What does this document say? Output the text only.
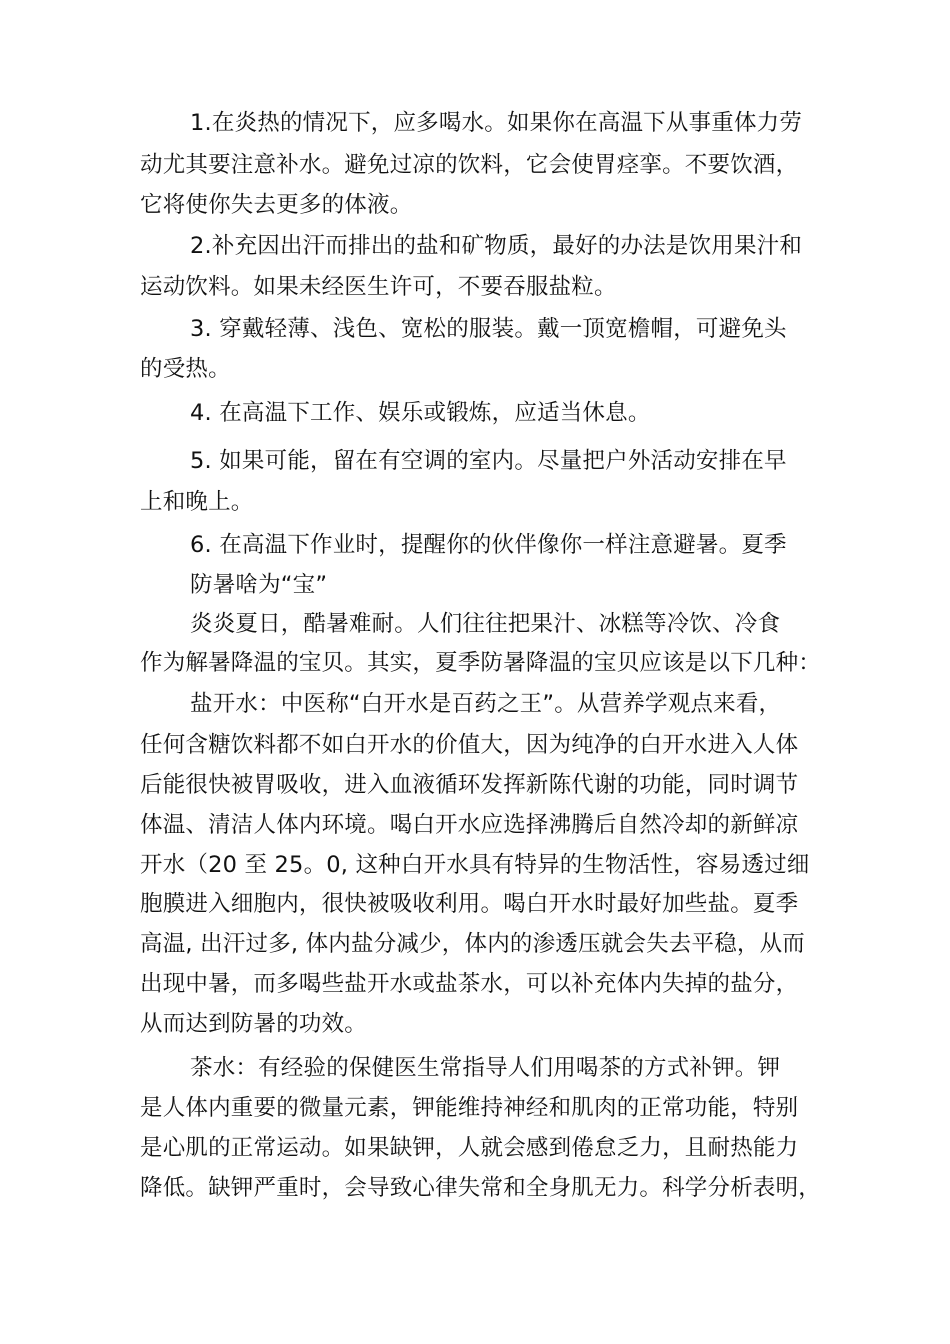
1.在炎热的情况下，应多喝水。如果你在高温下从事重体力劳

动尤其要注意补水。避免过凉的饮料，它会使胃痉挛。不要饮酒，

它将使你失去更多的体液。

2.补充因出汗而排出的盐和矿物质，最好的办法是饮用果汁和

运动饮料。如果未经医生许可，不要吞服盐粒。

3. 穿戴轻薄、浅色、宽松的服装。戴一顶宽檐帽，可避免头

的受热。

4. 在高温下工作、娱乐或锻炼，应适当休息。

5. 如果可能，留在有空调的室内。尽量把户外活动安排在早

上和晚上。

6. 在高温下作业时，提醒你的伙伴像你一样注意避暑。夏季

防暑啥为“宝”

炎炎夏日，酷暑难耐。人们往往把果汁、冰糕等冷饮、冷食

作为解暑降温的宝贝。其实，夏季防暑降温的宝贝应该是以下几种：

盐开水：中医称“白开水是百药之王”。从营养学观点来看，

任何含糖饮料都不如白开水的价值大，因为纯净的白开水进入人体

后能很快被胃吸收，进入血液循环发挥新陈代谢的功能，同时调节

体温、清洁人体内环境。喝白开水应选择沸腾后自然冷却的新鲜凉

开水（20 至 25。0, 这种白开水具有特异的生物活性，容易透过细

胞膜进入细胞内，很快被吸收利用。喝白开水时最好加些盐。夏季

高温, 出汗过多, 体内盐分减少，体内的渗透压就会失去平稳，从而

出现中暑，而多喝些盐开水或盐茶水，可以补充体内失掉的盐分，

从而达到防暑的功效。

茶水：有经验的保健医生常指导人们用喝茶的方式补钾。钾

是人体内重要的微量元素，钾能维持神经和肌肉的正常功能，特别

是心肌的正常运动。如果缺钾，人就会感到倦怠乏力，且耐热能力

降低。缺钾严重时，会导致心律失常和全身肌无力。科学分析表明，
